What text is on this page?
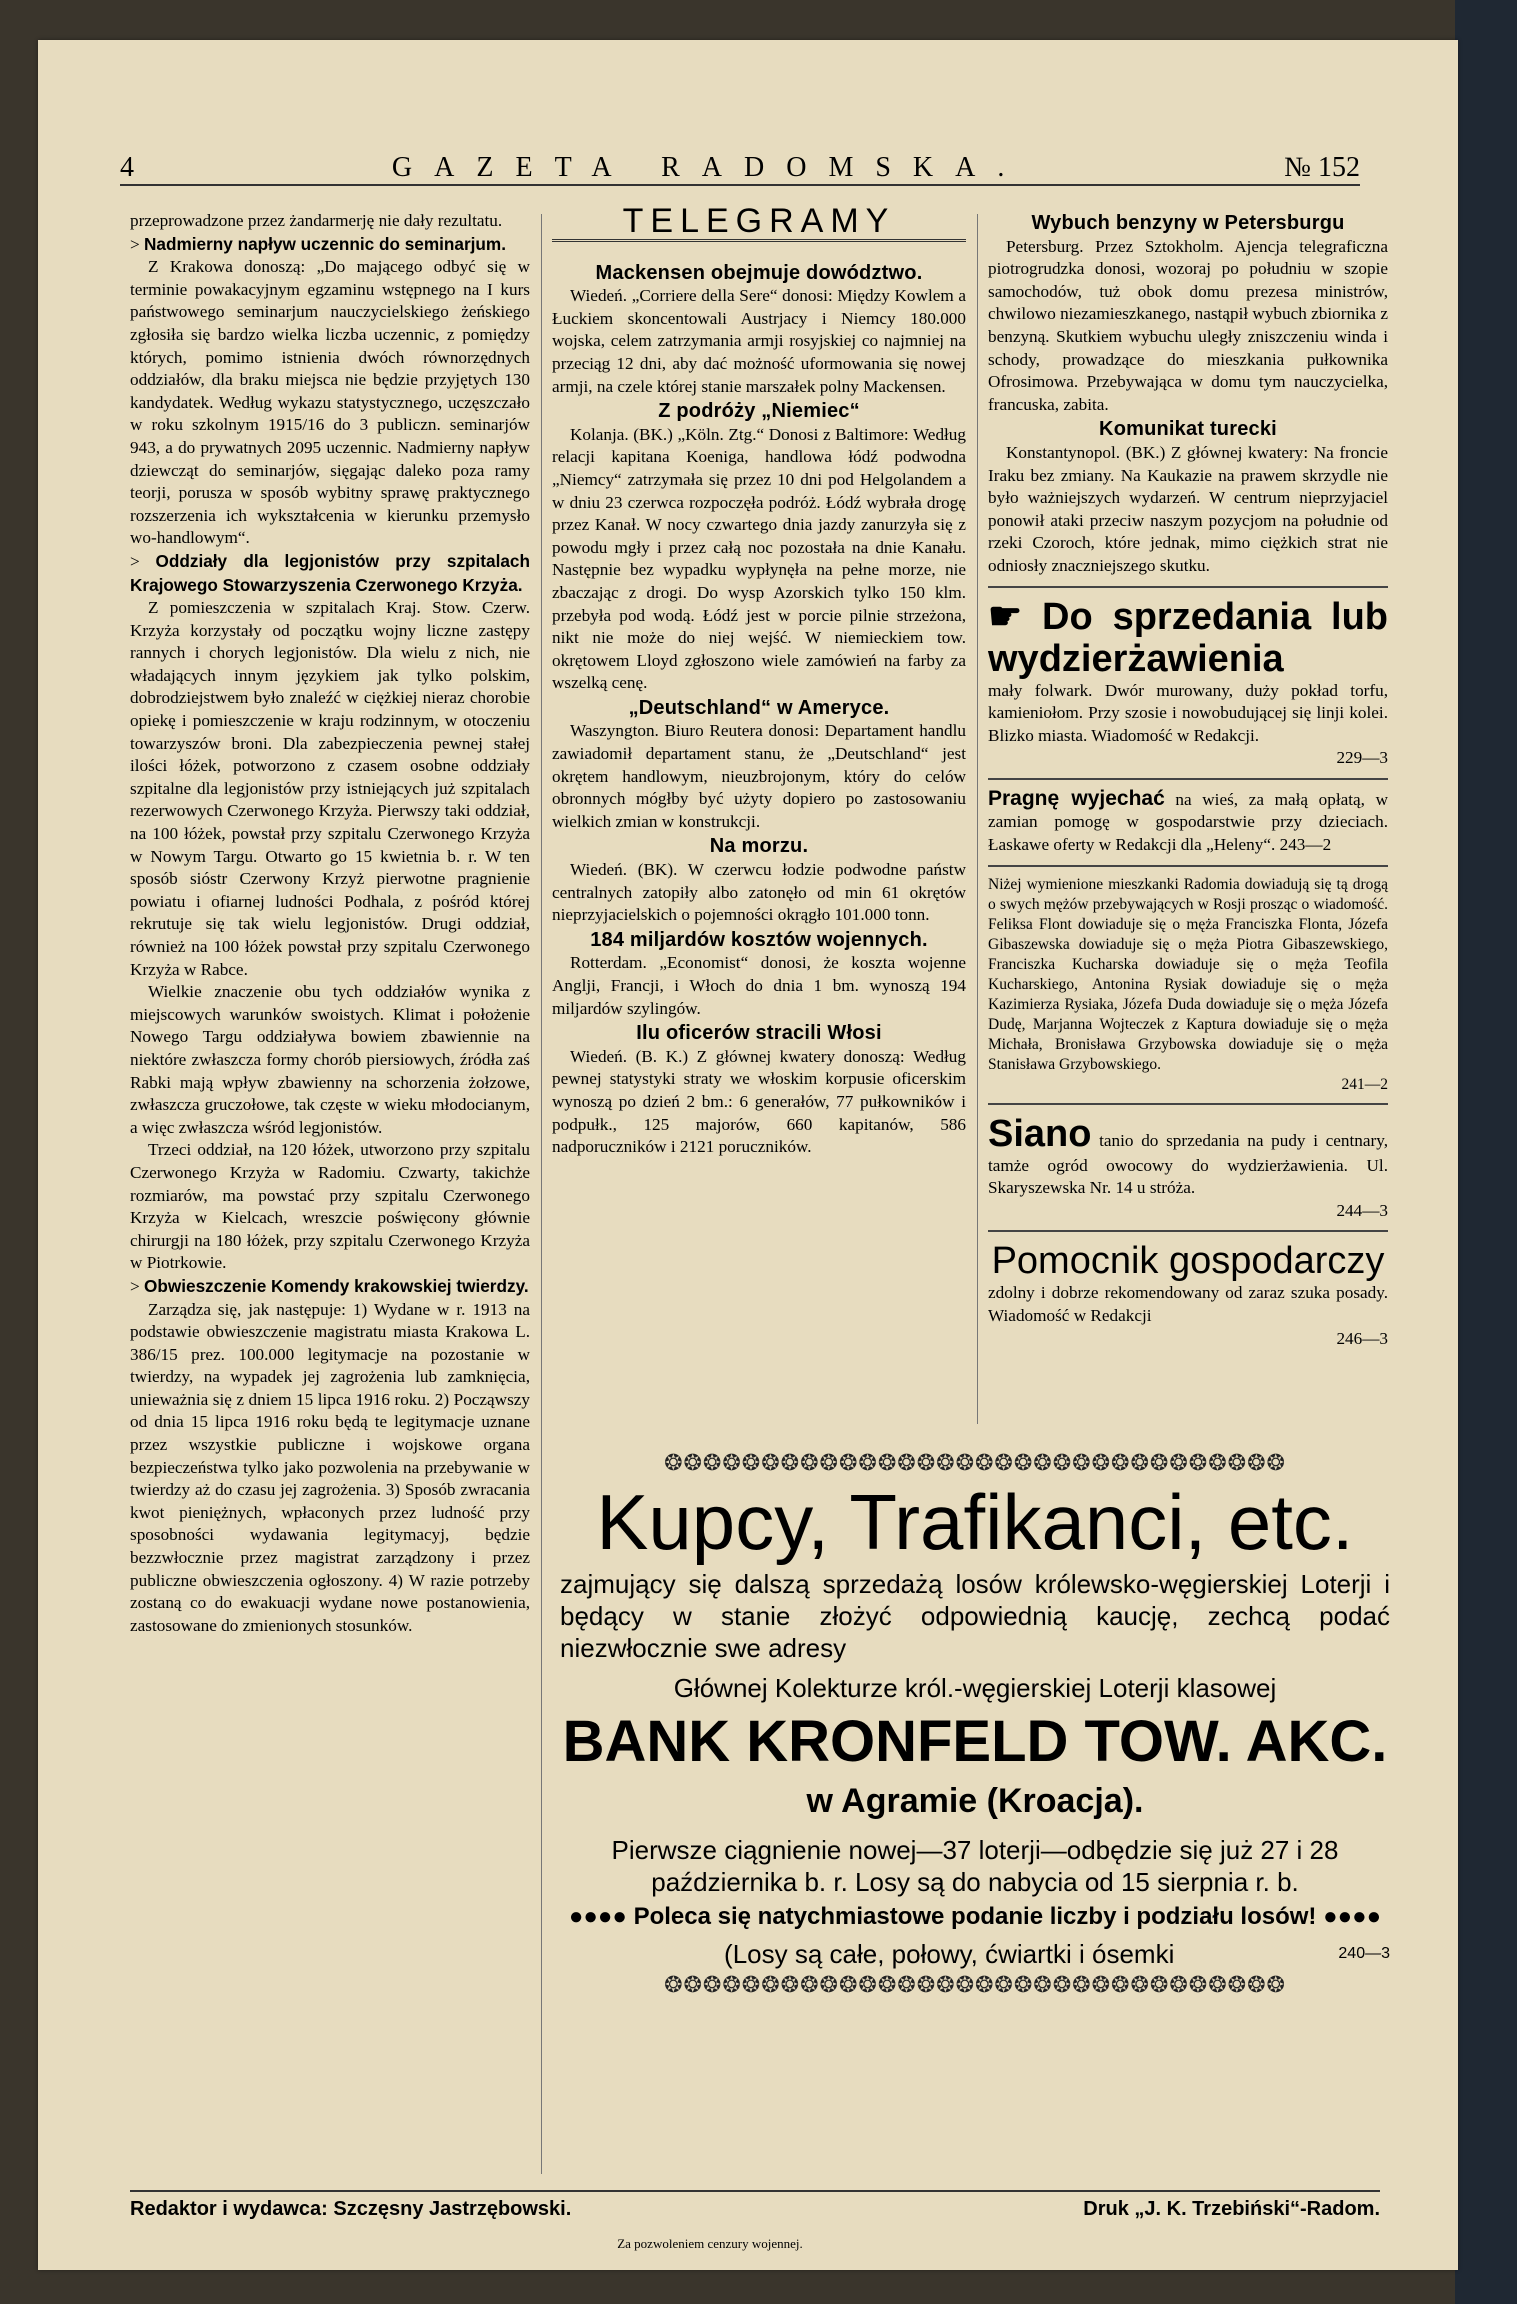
4	GAZETA RADOMSKA.	№ 152

przeprowadzone przez żandarmerję nie dały rezultatu.

> Nadmierny napływ uczennic do seminarjum.

Z Krakowa donoszą: „Do mającego odbyć się w terminie powakacyjnym egzaminu wstępnego na I kurs państwowego seminarjum nauczycielskiego żeńskiego zgłosiła się bardzo wielka liczba uczennic, z pomiędzy których, pomimo istnienia dwóch równorzędnych oddziałów, dla braku miejsca nie będzie przyjętych 130 kandydatek. Według wykazu statystycznego, uczęszczało w roku szkolnym 1915/16 do 3 publiczn. seminarjów 943, a do prywatnych 2095 uczennic. Nadmierny napływ dziewcząt do seminarjów, sięgając daleko poza ramy teorji, porusza w sposób wybitny sprawę praktycznego rozszerzenia ich wykształcenia w kierunku przemysło wo-handlowym“.

> Oddziały dla legjonistów przy szpitalach Krajowego Stowarzyszenia Czerwonego Krzyża.

Z pomieszczenia w szpitalach Kraj. Stow. Czerw. Krzyża korzystały od początku wojny liczne zastępy rannych i chorych legjonistów. Dla wielu z nich, nie władających innym językiem jak tylko polskim, dobrodziejstwem było znaleźć w ciężkiej nieraz chorobie opiekę i pomieszczenie w kraju rodzinnym, w otoczeniu towarzyszów broni. Dla zabezpieczenia pewnej stałej ilości łóżek, potworzono z czasem osobne oddziały szpitalne dla legjonistów przy istniejących już szpitalach rezerwowych Czerwonego Krzyża. Pierwszy taki oddział, na 100 łóżek, powstał przy szpitalu Czerwonego Krzyża w Nowym Targu. Otwarto go 15 kwietnia b. r. W ten sposób sióstr Czerwony Krzyż pierwotne pragnienie powiatu i ofiarnej ludności Podhala, z pośród której rekrutuje się tak wielu legjonistów. Drugi oddział, również na 100 łóżek powstał przy szpitalu Czerwonego Krzyża w Rabce.

Wielkie znaczenie obu tych oddziałów wynika z miejscowych warunków swoistych. Klimat i położenie Nowego Targu oddziaływa bowiem zbawiennie na niektóre zwłaszcza formy chorób piersiowych, źródła zaś Rabki mają wpływ zbawienny na schorzenia żołzowe, zwłaszcza gruczołowe, tak częste w wieku młodocianym, a więc zwłaszcza wśród legjonistów.

Trzeci oddział, na 120 łóżek, utworzono przy szpitalu Czerwonego Krzyża w Radomiu. Czwarty, takichże rozmiarów, ma powstać przy szpitalu Czerwonego Krzyża w Kielcach, wreszcie poświęcony głównie chirurgji na 180 łóżek, przy szpitalu Czerwonego Krzyża w Piotrkowie.

> Obwieszczenie Komendy krakowskiej twierdzy.

Zarządza się, jak następuje: 1) Wydane w r. 1913 na podstawie obwieszczenie magistratu miasta Krakowa L. 386/15 prez. 100.000 legitymacje na pozostanie w twierdzy, na wypadek jej zagrożenia lub zamknięcia, unieważnia się z dniem 15 lipca 1916 roku. 2) Począwszy od dnia 15 lipca 1916 roku będą te legitymacje uznane przez wszystkie publiczne i wojskowe organa bezpieczeństwa tylko jako pozwolenia na przebywanie w twierdzy aż do czasu jej zagrożenia. 3) Sposób zwracania kwot pieniężnych, wpłaconych przez ludność przy sposobności wydawania legitymacyj, będzie bezzwłocznie przez magistrat zarządzony i przez publiczne obwieszczenia ogłoszony. 4) W razie potrzeby zostaną co do ewakuacji wydane nowe postanowienia, zastosowane do zmienionych stosunków.

TELEGRAMY
Mackensen obejmuje dowództwo.

Wiedeń. „Corriere della Sere“ donosi: Między Kowlem a Łuckiem skoncentowali Austrjacy i Niemcy 180.000 wojska, celem zatrzymania armji rosyjskiej co najmniej na przeciąg 12 dni, aby dać możność uformowania się nowej armji, na czele której stanie marszałek polny Mackensen.

Z podróży „Niemiec“

Kolanja. (BK.) „Köln. Ztg.“ Donosi z Baltimore: Według relacji kapitana Koeniga, handlowa łódź podwodna „Niemcy“ zatrzymała się przez 10 dni pod Helgolandem a w dniu 23 czerwca rozpoczęła podróż. Łódź wybrała drogę przez Kanał. W nocy czwartego dnia jazdy zanurzyła się z powodu mgły i przez całą noc pozostała na dnie Kanału. Następnie bez wypadku wypłynęła na pełne morze, nie zbaczając z drogi. Do wysp Azorskich tylko 150 klm. przebyła pod wodą. Łódź jest w porcie pilnie strzeżona, nikt nie może do niej wejść. W niemieckiem tow. okrętowem Lloyd zgłoszono wiele zamówień na farby za wszelką cenę.

„Deutschland“ w Ameryce.

Waszyngton. Biuro Reutera donosi: Departament handlu zawiadomił departament stanu, że „Deutschland“ jest okrętem handlowym, nieuzbrojonym, który do celów obronnych mógłby być użyty dopiero po zastosowaniu wielkich zmian w konstrukcji.

Na morzu.

Wiedeń. (BK). W czerwcu łodzie podwodne państw centralnych zatopiły albo zatonęło od min 61 okrętów nieprzyjacielskich o pojemności okrągło 101.000 tonn.

184 miljardów kosztów wojennych.

Rotterdam. „Economist“ donosi, że koszta wojenne Anglji, Francji, i Włoch do dnia 1 bm. wynoszą 194 miljardów szylingów.

Ilu oficerów stracili Włosi

Wiedeń. (B. K.) Z głównej kwatery donoszą: Według pewnej statystyki straty we włoskim korpusie oficerskim wynoszą po dzień 2 bm.: 6 generałów, 77 pułkowników i podpułk., 125 majorów, 660 kapitanów, 586 nadporuczników i 2121 poruczników.

Wybuch benzyny w Petersburgu

Petersburg. Przez Sztokholm. Ajencja telegraficzna piotrogrudzka donosi, wozoraj po południu w szopie samochodów, tuż obok domu prezesa ministrów, chwilowo niezamieszkanego, nastąpił wybuch zbiornika z benzyną. Skutkiem wybuchu uległy zniszczeniu winda i schody, prowadzące do mieszkania pułkownika Ofrosimowa. Przebywająca w domu tym nauczycielka, francuska, zabita.

Komunikat turecki

Konstantynopol. (BK.) Z głównej kwatery: Na froncie Iraku bez zmiany. Na Kaukazie na prawem skrzydle nie było ważniejszych wydarzeń. W centrum nieprzyjaciel ponowił ataki przeciw naszym pozycjom na południe od rzeki Czoroch, które jednak, mimo ciężkich strat nie odniosły znaczniejszego skutku.

☛ Do sprzedania lub wydzierżawienia

mały folwark. Dwór murowany, duży pokład torfu, kamieniołom. Przy szosie i nowobudującej się linji kolei. Blizko miasta. Wiadomość w Redakcji.

229—3

Pragnę wyjechać na wieś, za małą opłatą, w zamian pomogę w gospodarstwie przy dzieciach. Łaskawe oferty w Redakcji dla „Heleny“. 243—2

Niżej wymienione mieszkanki Radomia dowiadują się tą drogą o swych mężów przebywających w Rosji prosząc o wiadomość. Feliksa Flont dowiaduje się o męża Franciszka Flonta, Józefa Gibaszewska dowiaduje się o męża Piotra Gibaszewskiego, Franciszka Kucharska dowiaduje się o męża Teofila Kucharskiego, Antonina Rysiak dowiaduje się o męża Kazimierza Rysiaka, Józefa Duda dowiaduje się o męża Józefa Dudę, Marjanna Wojteczek z Kaptura dowiaduje się o męża Michała, Bronisława Grzybowska dowiaduje się o męża Stanisława Grzybowskiego.

241—2

Siano tanio do sprzedania na pudy i centnary, tamże ogród owocowy do wydzierżawienia. Ul. Skaryszewska Nr. 14 u stróża.

244—3
Pomocnik gospodarczy

zdolny i dobrze rekomendowany od zaraz szuka posady. Wiadomość w Redakcji

246—3
❂❂❂❂❂❂❂❂❂❂❂❂❂❂❂❂❂❂❂❂❂❂❂❂❂❂❂❂❂❂❂❂
Kupcy, Trafikanci, etc.
zajmujący się dalszą sprzedażą losów królewsko-węgierskiej Loterji i będący w stanie złożyć odpowiednią kaucję, zechcą podać niezwłocznie swe adresy
Głównej Kolekturze król.-węgierskiej Loterji klasowej
BANK KRONFELD TOW. AKC.
w Agramie (Kroacja).
Pierwsze ciągnienie nowej—37 loterji—odbędzie się już 27 i 28 października b. r. Losy są do nabycia od 15 sierpnia r. b.
●●●● Poleca się natychmiastowe podanie liczby i podziału losów! ●●●●
(Losy są całe, połowy, ćwiartki i ósemki	240—3
❂❂❂❂❂❂❂❂❂❂❂❂❂❂❂❂❂❂❂❂❂❂❂❂❂❂❂❂❂❂❂❂
Redaktor i wydawca: Szczęsny Jastrzębowski.	Druk „J. K. Trzebiński“-Radom.
Za pozwoleniem cenzury wojennej.
